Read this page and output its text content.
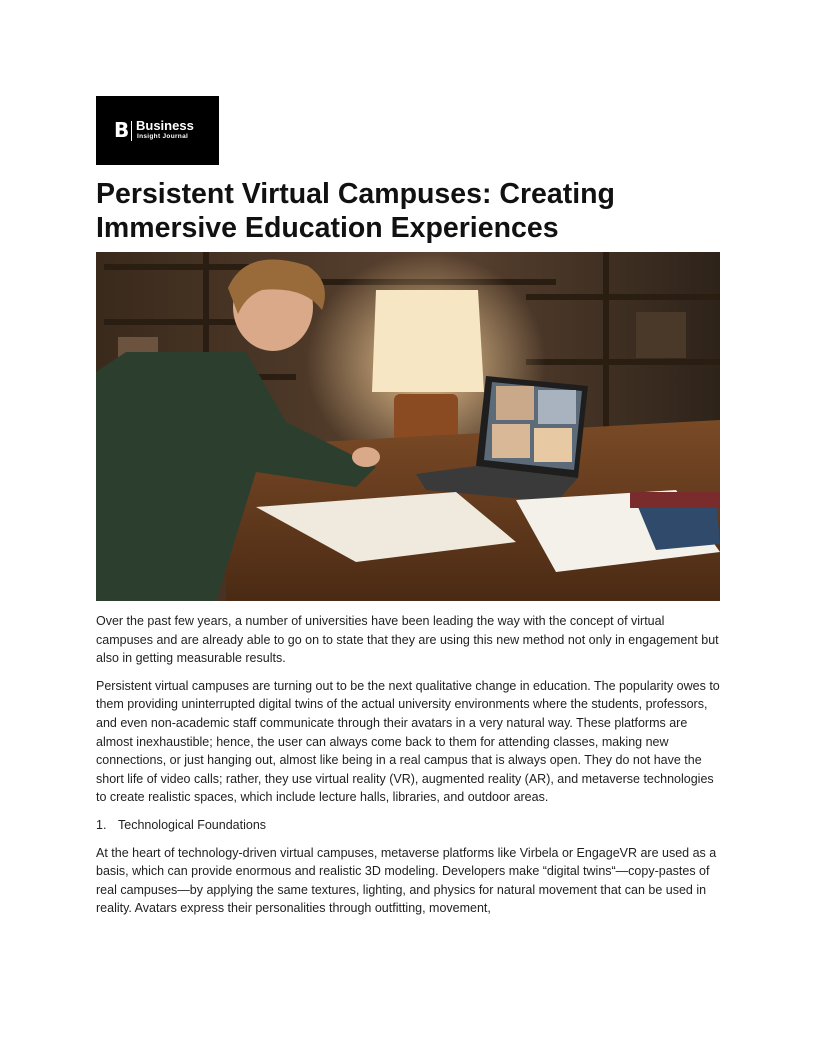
B Business
Insight Journal
Persistent Virtual Campuses: Creating Immersive Education Experiences

Over the past few years, a number of universities have been leading the way with the concept of virtual campuses and are already able to go on to state that they are using this new method not only in engagement but also in getting measurable results.

Persistent virtual campuses are turning out to be the next qualitative change in education. The popularity owes to them providing uninterrupted digital twins of the actual university environments where the students, professors, and even non-academic staff communicate through their avatars in a very natural way. These platforms are almost inexhaustible; hence, the user can always come back to them for attending classes, making new connections, or just hanging out, almost like being in a real campus that is always open. They do not have the short life of video calls; rather, they use virtual reality (VR), augmented reality (AR), and metaverse technologies to create realistic spaces, which include lecture halls, libraries, and outdoor areas.

1. Technological Foundations

At the heart of technology-driven virtual campuses, metaverse platforms like Virbela or EngageVR are used as a basis, which can provide enormous and realistic 3D modeling. Developers make “digital twins“—copy-pastes of real campuses—by applying the same textures, lighting, and physics for natural movement that can be used in reality. Avatars express their personalities through outfitting, movement,
